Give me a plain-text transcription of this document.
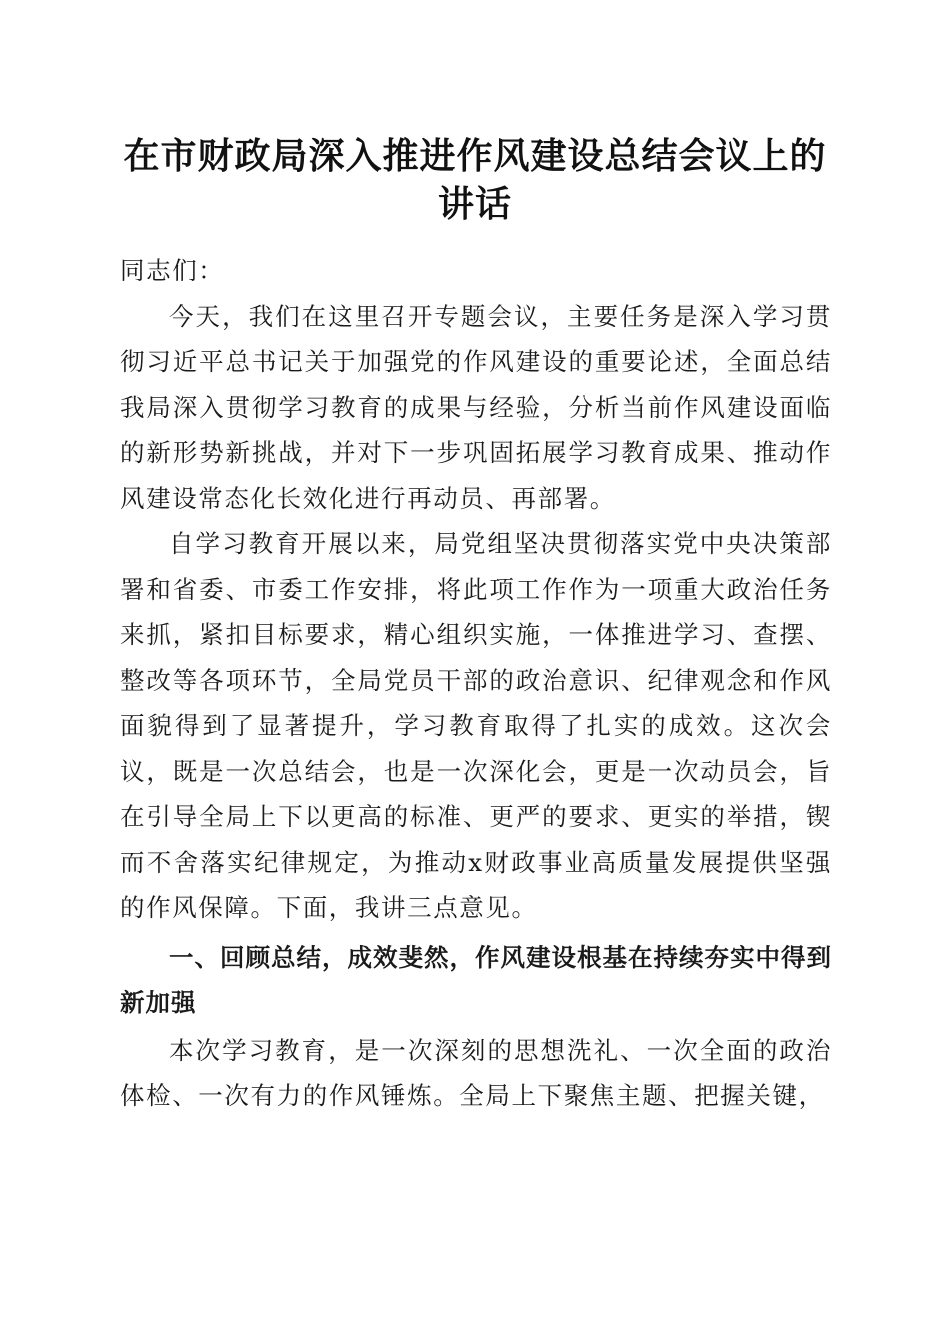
在市财政局深入推进作风建设总结会议上的讲话

同志们：

今天，我们在这里召开专题会议，主要任务是深入学习贯彻习近平总书记关于加强党的作风建设的重要论述，全面总结我局深入贯彻学习教育的成果与经验，分析当前作风建设面临的新形势新挑战，并对下一步巩固拓展学习教育成果、推动作风建设常态化长效化进行再动员、再部署。

自学习教育开展以来，局党组坚决贯彻落实党中央决策部署和省委、市委工作安排，将此项工作作为一项重大政治任务来抓，紧扣目标要求，精心组织实施，一体推进学习、查摆、整改等各项环节，全局党员干部的政治意识、纪律观念和作风面貌得到了显著提升，学习教育取得了扎实的成效。这次会议，既是一次总结会，也是一次深化会，更是一次动员会，旨在引导全局上下以更高的标准、更严的要求、更实的举措，锲而不舍落实纪律规定，为推动x财政事业高质量发展提供坚强的作风保障。下面，我讲三点意见。

一、回顾总结，成效斐然，作风建设根基在持续夯实中得到新加强

本次学习教育，是一次深刻的思想洗礼、一次全面的政治体检、一次有力的作风锤炼。全局上下聚焦主题、把握关键，
